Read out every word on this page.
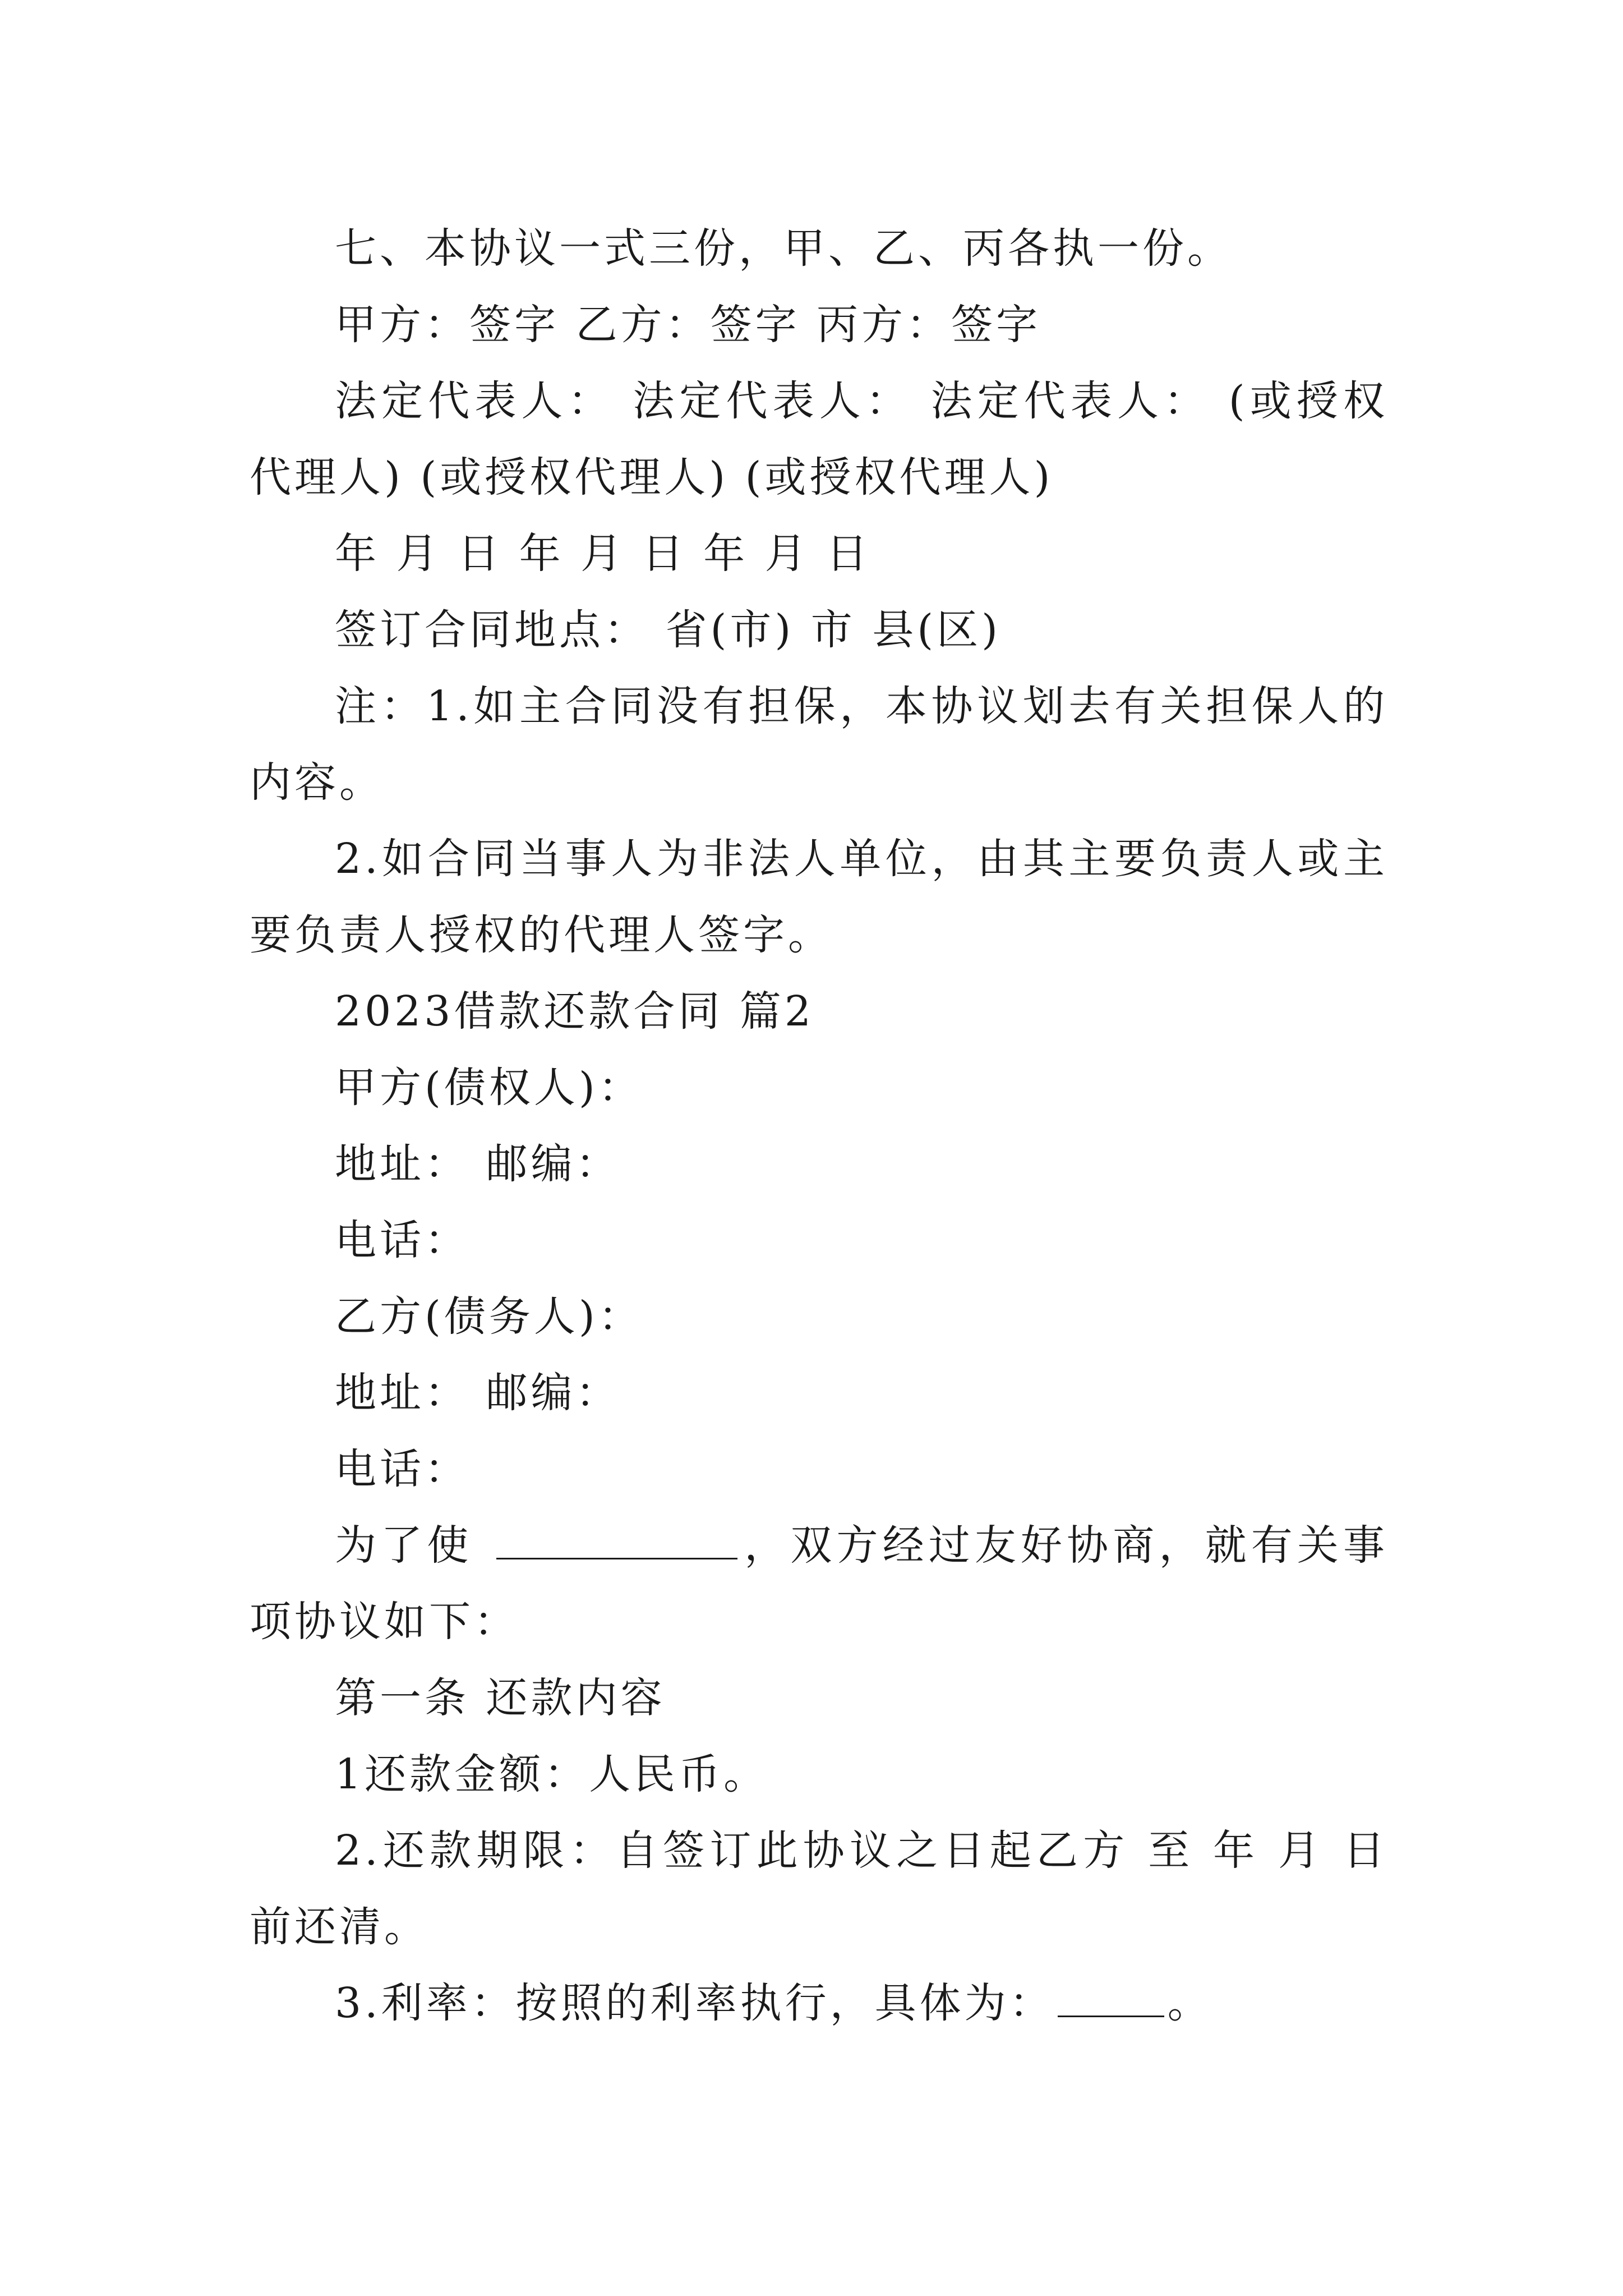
七、本协议一式三份，甲、乙、丙各执一份。

甲方：签字 乙方：签字 丙方：签字

法定代表人： 法定代表人： 法定代表人： (或授权代理人) (或授权代理人) (或授权代理人)

年 月 日 年 月 日 年 月 日

签订合同地点： 省(市) 市 县(区)

注：1.如主合同没有担保，本协议划去有关担保人的内容。

2.如合同当事人为非法人单位，由其主要负责人或主要负责人授权的代理人签字。

2023借款还款合同 篇2

甲方(债权人)：

地址： 邮编：

电话：

乙方(债务人)：

地址： 邮编：

电话：

为了使	，双方经过友好协商，就有关事项协议如下：

第一条 还款内容

1还款金额：人民币。

2.还款期限：自签订此协议之日起乙方 至 年 月 日前还清。

3.利率：按照的利率执行，具体为：	。
